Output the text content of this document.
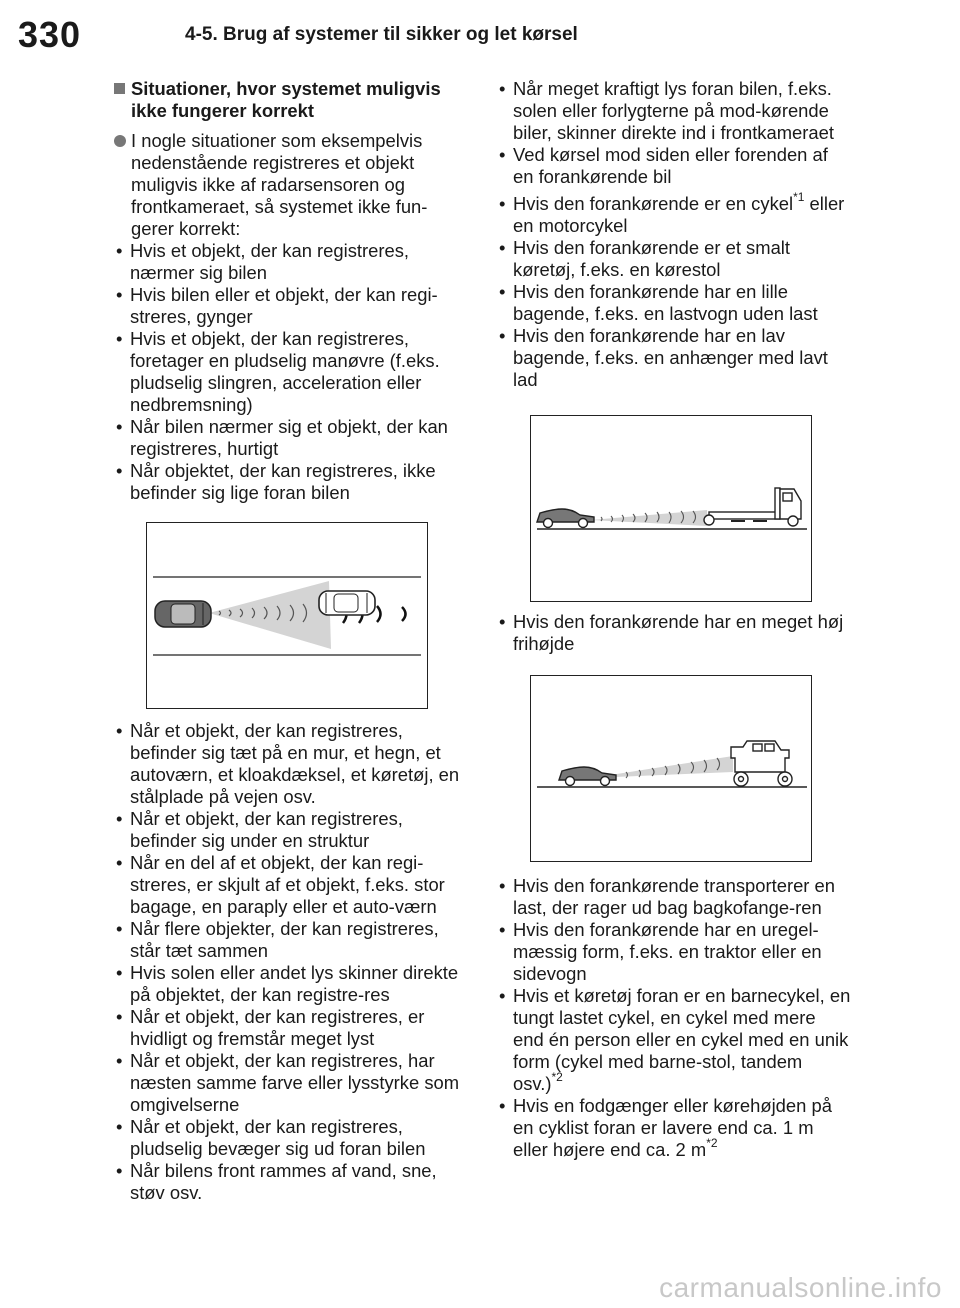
330	4-5. Brug af systemer til sikker og let kørsel
Situationer, hvor systemet muligvis ikke fungerer korrekt
I nogle situationer som eksempelvis nedenstående registreres et objekt muligvis ikke af radarsensoren og frontkameraet, så systemet ikke fun-gerer korrekt:
• Hvis et objekt, der kan registreres, nærmer sig bilen
• Hvis bilen eller et objekt, der kan regi-streres, gynger
• Hvis et objekt, der kan registreres, foretager en pludselig manøvre (f.eks. pludselig slingren, acceleration eller nedbremsning)
• Når bilen nærmer sig et objekt, der kan registreres, hurtigt
• Når objektet, der kan registreres, ikke befinder sig lige foran bilen
• Når et objekt, der kan registreres, befinder sig tæt på en mur, et hegn, et autoværn, et kloakdæksel, et køretøj, en stålplade på vejen osv.
• Når et objekt, der kan registreres, befinder sig under en struktur
• Når en del af et objekt, der kan regi-streres, er skjult af et objekt, f.eks. stor bagage, en paraply eller et auto-værn
• Når flere objekter, der kan registreres, står tæt sammen
• Hvis solen eller andet lys skinner direkte på objektet, der kan registre-res
• Når et objekt, der kan registreres, er hvidligt og fremstår meget lyst
• Når et objekt, der kan registreres, har næsten samme farve eller lysstyrke som omgivelserne
• Når et objekt, der kan registreres, pludselig bevæger sig ud foran bilen
• Når bilens front rammes af vand, sne, støv osv.
• Når meget kraftigt lys foran bilen, f.eks. solen eller forlygterne på mod-kørende biler, skinner direkte ind i frontkameraet
• Ved kørsel mod siden eller forenden af en forankørende bil
• Hvis den forankørende er en cykel$^{*1}$ eller en motorcykel
• Hvis den forankørende er et smalt køretøj, f.eks. en kørestol
• Hvis den forankørende har en lille bagende, f.eks. en lastvogn uden last
• Hvis den forankørende har en lav bagende, f.eks. en anhænger med lavt lad
• Hvis den forankørende har en meget høj frihøjde
• Hvis den forankørende transporterer en last, der rager ud bag bagkofange-ren
• Hvis den forankørende har en uregel-mæssig form, f.eks. en traktor eller en sidevogn
• Hvis et køretøj foran er en barnecykel, en tungt lastet cykel, en cykel med mere end én person eller en cykel med en unik form (cykel med barne-stol, tandem osv.)$^{*2}$
• Hvis en fodgænger eller kørehøjden på en cyklist foran er lavere end ca. 1 m eller højere end ca. 2 $m^{*2}$
carmanualsonline.info
